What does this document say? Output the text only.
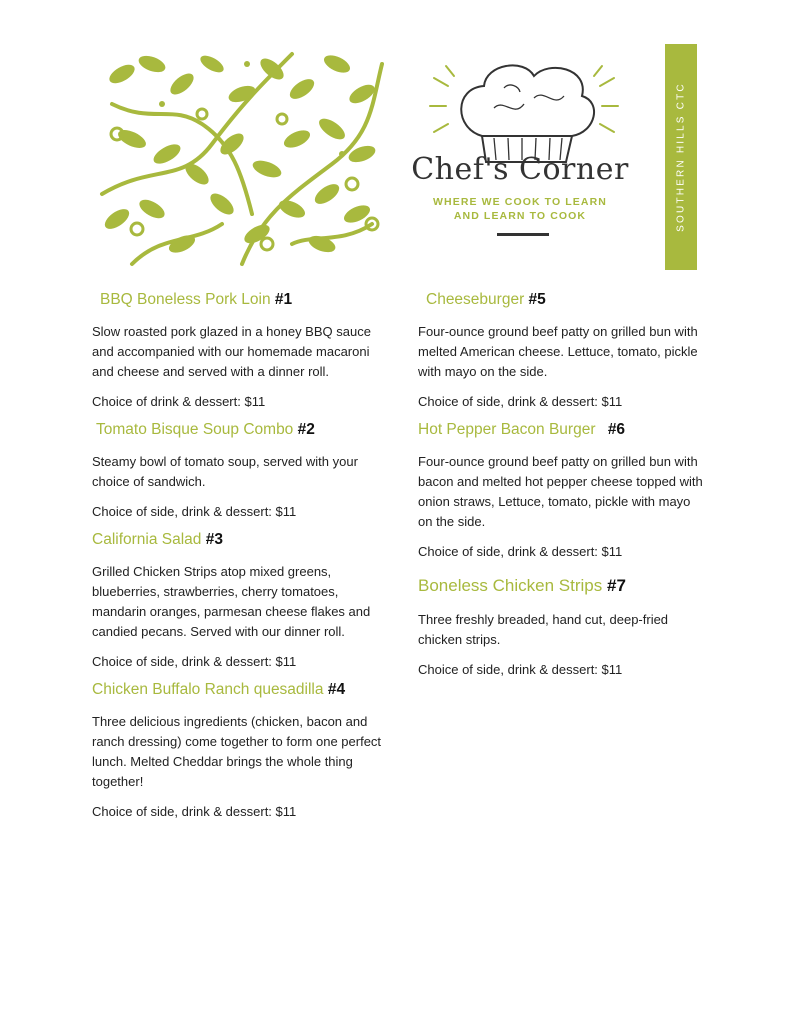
Chef's Corner
WHERE WE COOK TO LEARN
AND LEARN TO COOK	SOUTHERN HILLS CTC
BBQ Boneless Pork Loin #1

Slow roasted pork glazed in a honey BBQ sauce and accompanied with our homemade macaroni and cheese and served with a dinner roll.

Choice of drink & dessert: $11

Tomato Bisque Soup Combo #2

Steamy bowl of tomato soup, served with your choice of sandwich.

Choice of side, drink & dessert: $11

California Salad #3

Grilled Chicken Strips atop mixed greens, blueberries, strawberries, cherry tomatoes, mandarin oranges, parmesan cheese flakes and candied pecans. Served with our dinner roll.

Choice of side, drink & dessert: $11

Chicken Buffalo Ranch quesadilla #4

Three delicious ingredients (chicken, bacon and ranch dressing) come together to form one perfect lunch. Melted Cheddar brings the whole thing together!

Choice of side, drink & dessert: $11

Cheeseburger #5

Four-ounce ground beef patty on grilled bun with melted American cheese. Lettuce, tomato, pickle with mayo on the side.

Choice of side, drink & dessert: $11

Hot Pepper Bacon Burger #6

Four-ounce ground beef patty on grilled bun with bacon and melted hot pepper cheese topped with onion straws, Lettuce, tomato, pickle with mayo on the side.

Choice of side, drink & dessert: $11

Boneless Chicken Strips #7

Three freshly breaded, hand cut, deep-fried chicken strips.

Choice of side, drink & dessert: $11
